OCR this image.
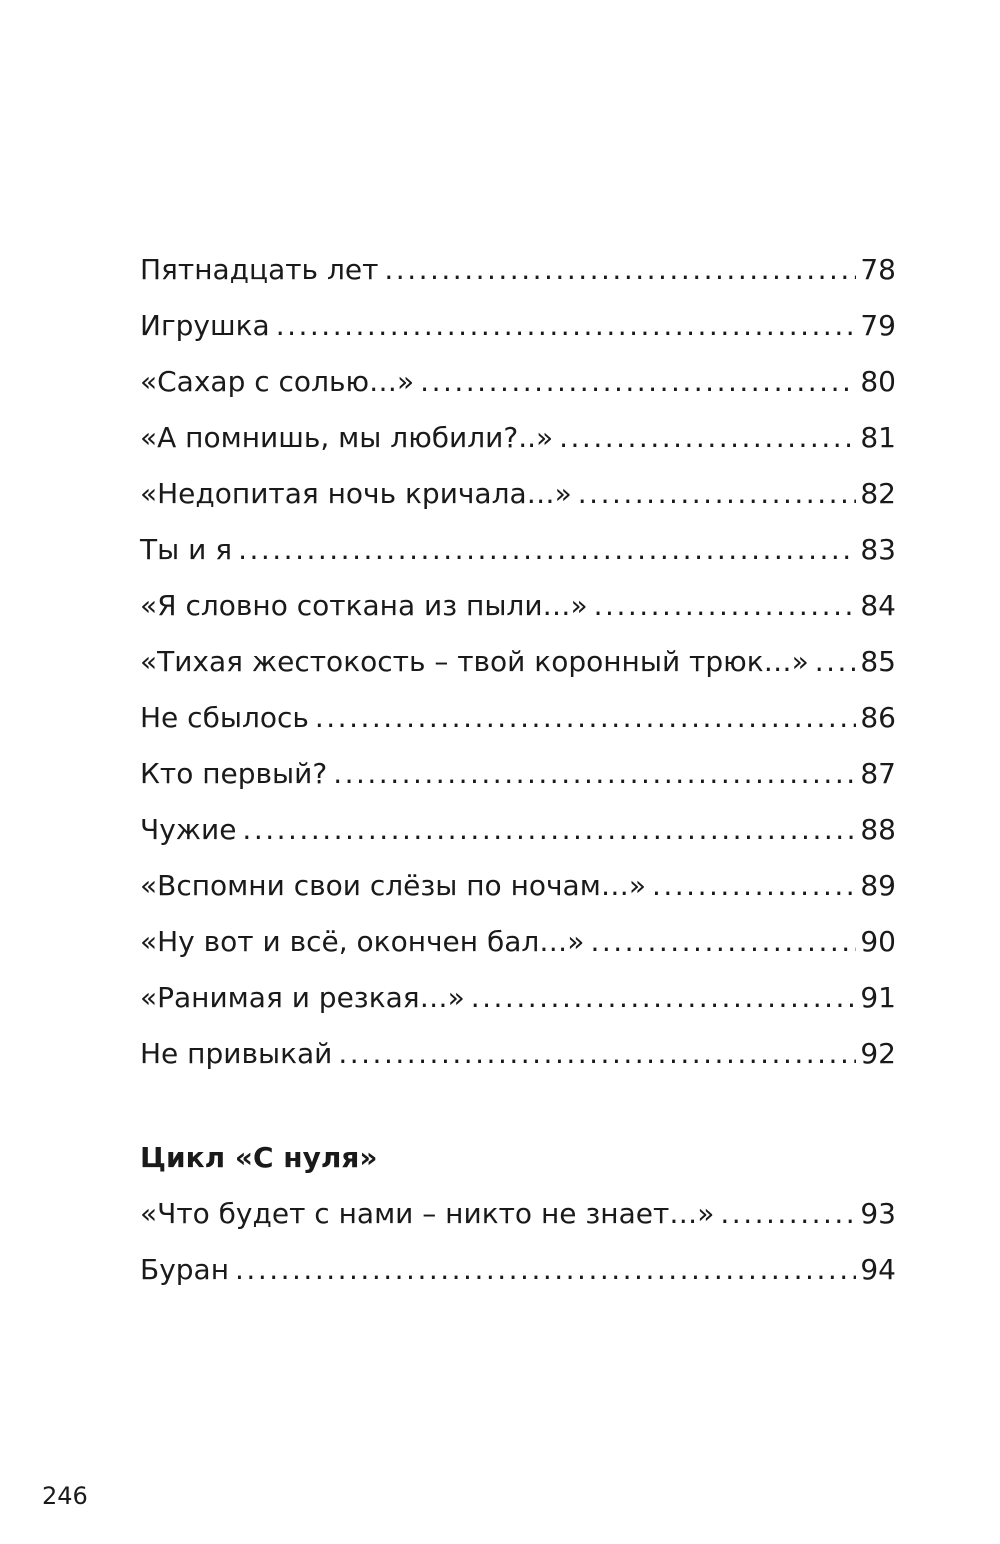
Пятнадцать лет .....	78
Игрушка .....	79
«Сахар с солью…» .....	80
«А помнишь, мы любили?..» .....	81
«Недопитая ночь кричала…» .....	82
Ты и я .....	83
«Я словно соткана из пыли…» .....	84
«Тихая жестокость – твой коронный трюк…» ..... 85
Не сбылось .....	86
Кто первый? .....	87
Чужие .....	88
«Вспомни свои слёзы по ночам…» .....	89
«Ну вот и всё, окончен бал…» .....	90
«Ранимая и резкая…» .....	91
Не привыкай .....	92
Цикл «С нуля»
«Что будет с нами – никто не знает…» .....	93
Буран .....	94
246
